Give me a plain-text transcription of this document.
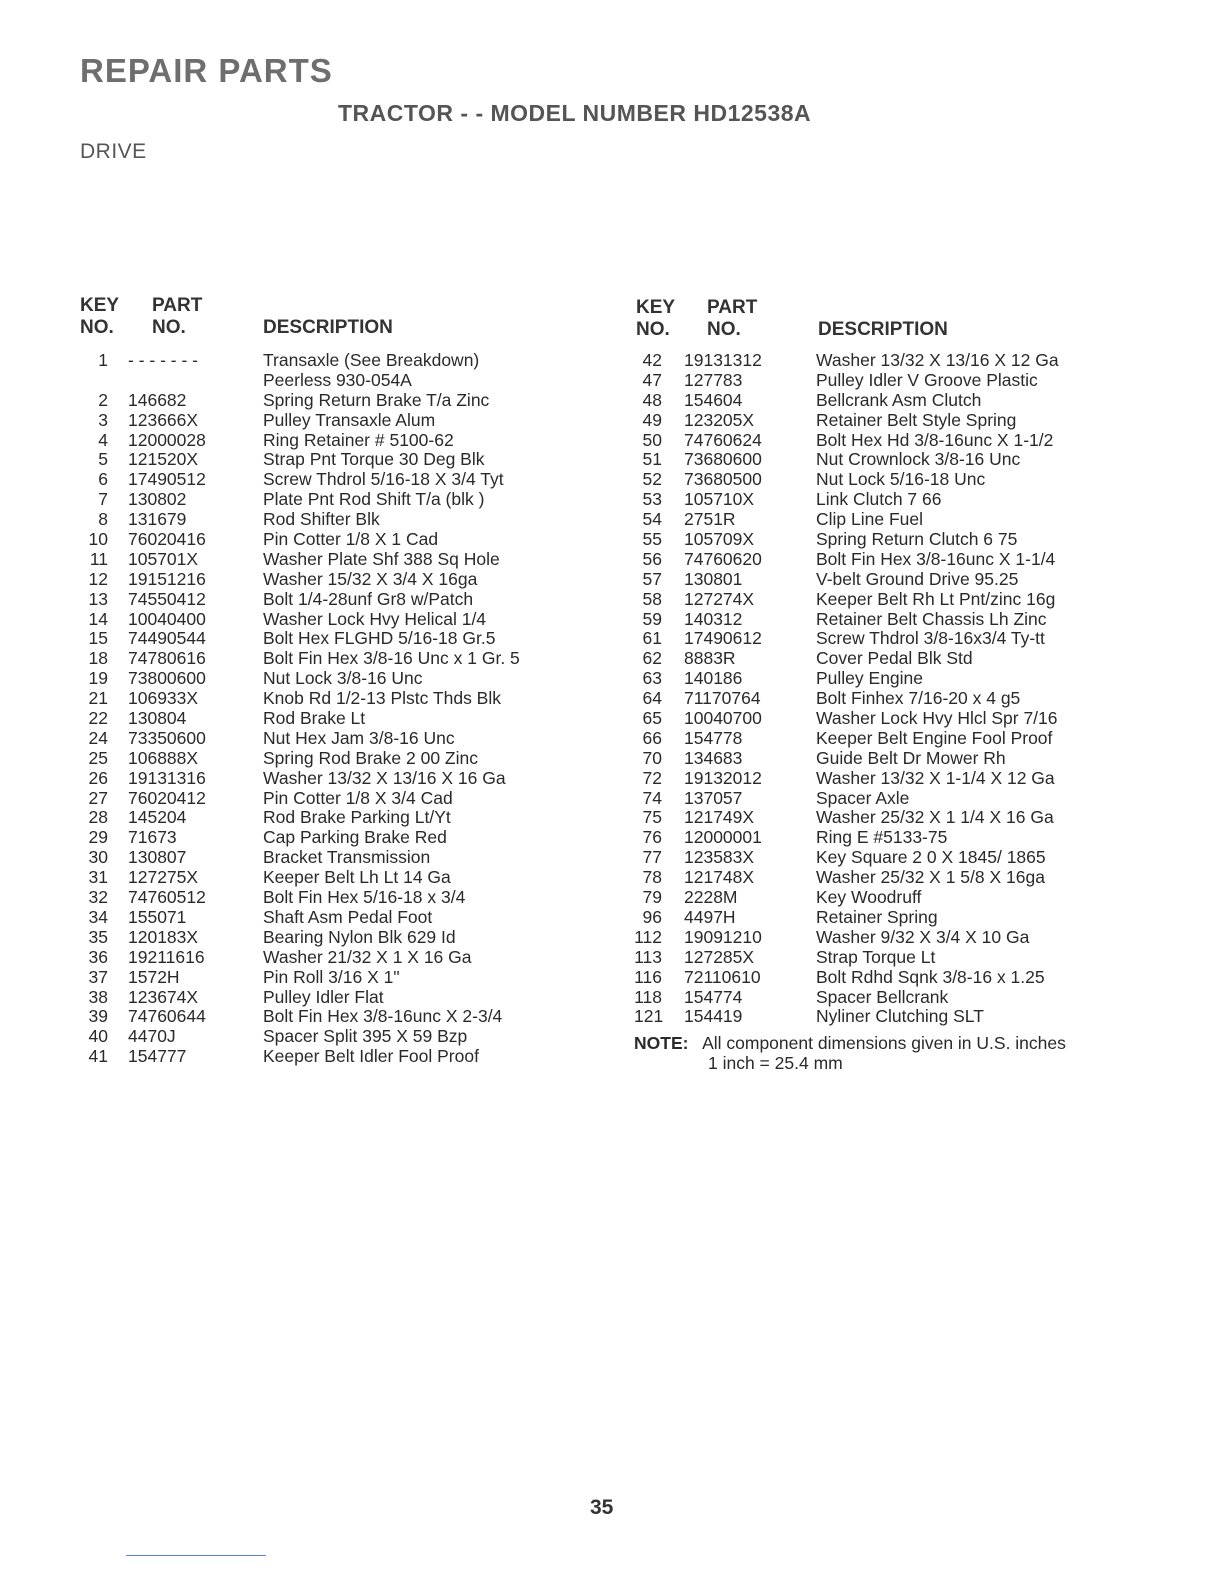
REPAIR PARTS
TRACTOR - - MODEL NUMBER HD12538A
DRIVE
KEY
NO.
PART
NO.	DESCRIPTION
1 - - - - - - -	Transaxle (See Breakdown)
Peerless 930-054A
2 146682	Spring Return Brake T/a Zinc
3 123666X	Pulley Transaxle Alum
4 12000028	Ring Retainer # 5100-62
5 121520X	Strap Pnt Torque 30 Deg Blk
6 17490512	Screw Thdrol 5/16-18 X 3/4 Tyt
7 130802	Plate Pnt Rod Shift T/a (blk )
8 131679	Rod Shifter Blk
10 76020416	Pin Cotter 1/8 X 1 Cad
11 105701X	Washer Plate Shf 388 Sq Hole
12 19151216	Washer 15/32 X 3/4 X 16ga
13 74550412	Bolt 1/4-28unf Gr8 w/Patch
14 10040400	Washer Lock Hvy Helical 1/4
15 74490544	Bolt Hex FLGHD 5/16-18 Gr.5
18 74780616	Bolt Fin Hex 3/8-16 Unc x 1 Gr. 5
19 73800600	Nut Lock 3/8-16 Unc
21 106933X	Knob Rd 1/2-13 Plstc Thds Blk
22 130804	Rod Brake Lt
24 73350600	Nut Hex Jam 3/8-16 Unc
25 106888X	Spring Rod Brake 2 00 Zinc
26 19131316	Washer 13/32 X 13/16 X 16 Ga
27 76020412	Pin Cotter 1/8 X 3/4 Cad
28 145204	Rod Brake Parking Lt/Yt
29 71673	Cap Parking Brake Red
30 130807	Bracket Transmission
31 127275X	Keeper Belt Lh Lt 14 Ga
32 74760512	Bolt Fin Hex 5/16-18 x 3/4
34 155071	Shaft Asm Pedal Foot
35 120183X	Bearing Nylon Blk 629 Id
36 19211616	Washer 21/32 X 1 X 16 Ga
37 1572H	Pin Roll 3/16 X 1"
38 123674X	Pulley Idler Flat
39 74760644	Bolt Fin Hex 3/8-16unc X 2-3/4
40 4470J	Spacer Split 395 X 59 Bzp
41 154777	Keeper Belt Idler Fool Proof
KEY
NO.
PART
NO.	DESCRIPTION
42 19131312	Washer 13/32 X 13/16 X 12 Ga
47 127783	Pulley Idler V Groove Plastic
48 154604	Bellcrank Asm Clutch
49 123205X	Retainer Belt Style Spring
50 74760624	Bolt Hex Hd 3/8-16unc X 1-1/2
51 73680600	Nut Crownlock 3/8-16 Unc
52 73680500	Nut Lock 5/16-18 Unc
53 105710X	Link Clutch 7 66
54 2751R	Clip Line Fuel
55 105709X	Spring Return Clutch 6 75
56 74760620	Bolt Fin Hex 3/8-16unc X 1-1/4
57 130801	V-belt Ground Drive 95.25
58 127274X	Keeper Belt Rh Lt Pnt/zinc 16g
59 140312	Retainer Belt Chassis Lh Zinc
61 17490612	Screw Thdrol 3/8-16x3/4 Ty-tt
62 8883R	Cover Pedal Blk Std
63 140186	Pulley Engine
64 71170764	Bolt Finhex 7/16-20 x 4 g5
65 10040700	Washer Lock Hvy Hlcl Spr 7/16
66 154778	Keeper Belt Engine Fool Proof
70 134683	Guide Belt Dr Mower Rh
72 19132012	Washer 13/32 X 1-1/4 X 12 Ga
74 137057	Spacer Axle
75 121749X	Washer 25/32 X 1 1/4 X 16 Ga
76 12000001	Ring E #5133-75
77 123583X	Key Square 2 0 X 1845/ 1865
78 121748X	Washer 25/32 X 1 5/8 X 16ga
79 2228M	Key Woodruff
96 4497H	Retainer Spring
112 19091210	Washer 9/32 X 3/4 X 10 Ga
113 127285X	Strap Torque Lt
116 72110610	Bolt Rdhd Sqnk 3/8-16 x 1.25
118 154774	Spacer Bellcrank
121 154419	Nyliner Clutching SLT
NOTE: All component dimensions given in U.S. inches
1 inch = 25.4 mm
35
